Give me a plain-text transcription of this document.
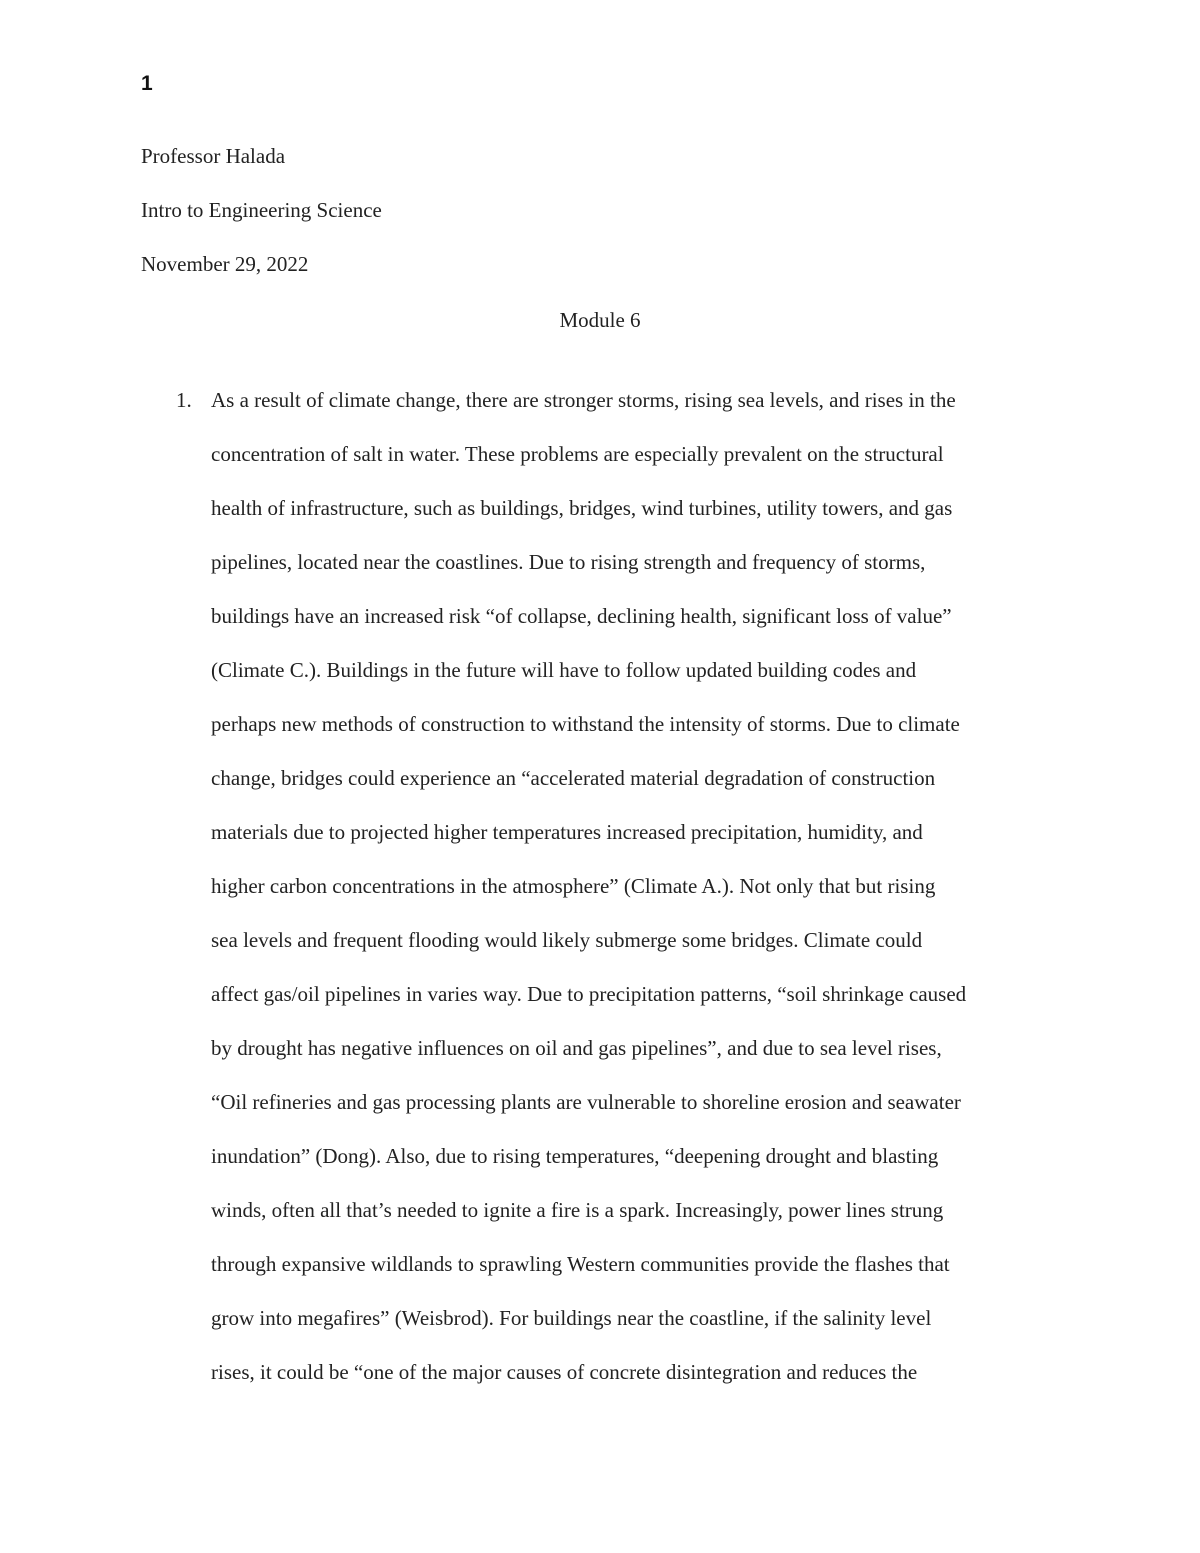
1
Professor Halada
Intro to Engineering Science
November 29, 2022
Module 6
1. As a result of climate change, there are stronger storms, rising sea levels, and rises in the
concentration of salt in water. These problems are especially prevalent on the structural
health of infrastructure, such as buildings, bridges, wind turbines, utility towers, and gas
pipelines, located near the coastlines. Due to rising strength and frequency of storms,
buildings have an increased risk “of collapse, declining health, significant loss of value”
(Climate C.). Buildings in the future will have to follow updated building codes and
perhaps new methods of construction to withstand the intensity of storms. Due to climate
change, bridges could experience an “accelerated material degradation of construction
materials due to projected higher temperatures increased precipitation, humidity, and
higher carbon concentrations in the atmosphere” (Climate A.). Not only that but rising
sea levels and frequent flooding would likely submerge some bridges. Climate could
affect gas/oil pipelines in varies way. Due to precipitation patterns, “soil shrinkage caused
by drought has negative influences on oil and gas pipelines”, and due to sea level rises,
“Oil refineries and gas processing plants are vulnerable to shoreline erosion and seawater
inundation” (Dong). Also, due to rising temperatures, “deepening drought and blasting
winds, often all that’s needed to ignite a fire is a spark. Increasingly, power lines strung
through expansive wildlands to sprawling Western communities provide the flashes that
grow into megafires” (Weisbrod). For buildings near the coastline, if the salinity level
rises, it could be “one of the major causes of concrete disintegration and reduces the
